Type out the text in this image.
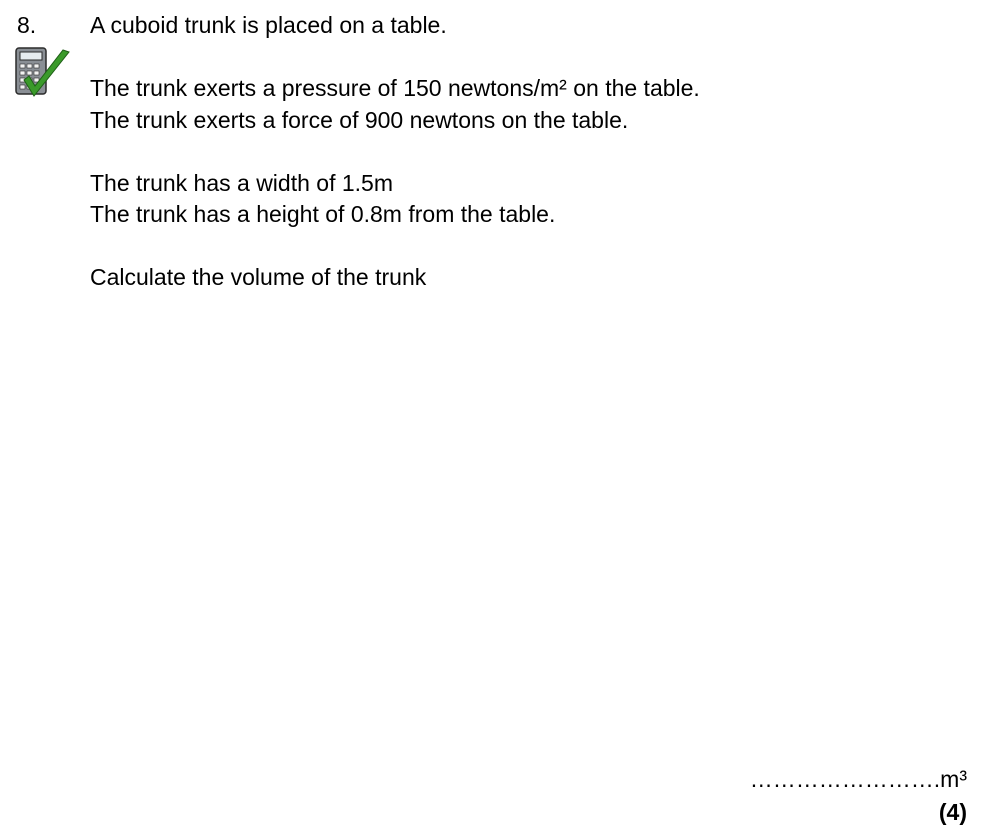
8. A cuboid trunk is placed on a table.
The trunk exerts a pressure of 150 newtons/m² on the table.
The trunk exerts a force of 900 newtons on the table.
The trunk has a width of 1.5m
The trunk has a height of 0.8m from the table.
Calculate the volume of the trunk
…………………….m³
(4)
